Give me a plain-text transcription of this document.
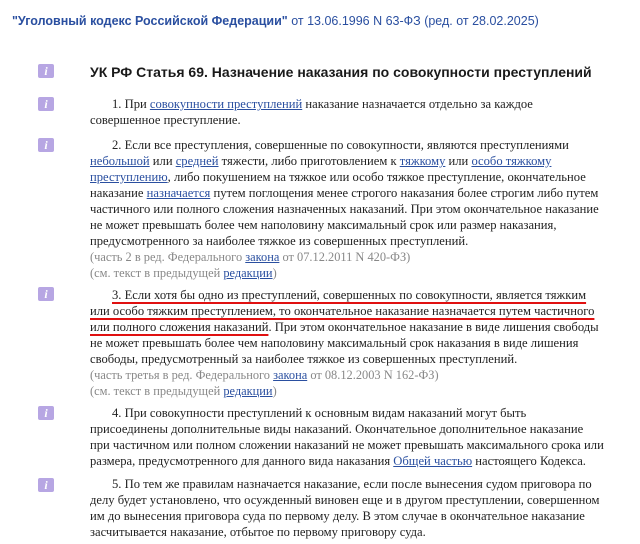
"Уголовный кодекс Российской Федерации" от 13.06.1996 N 63-ФЗ (ред. от 28.02.2025)
i	УК РФ Статья 69. Назначение наказания по совокупности преступлений
i	1. При совокупности преступлений наказание назначается отдельно за каждое
совершенное преступление.
i	2. Если все преступления, совершенные по совокупности, являются преступлениями
небольшой или средней тяжести, либо приготовлением к тяжкому или особо тяжкому
преступлению, либо покушением на тяжкое или особо тяжкое преступление, окончательное
наказание назначается путем поглощения менее строгого наказания более строгим либо путем
частичного или полного сложения назначенных наказаний. При этом окончательное наказание
не может превышать более чем наполовину максимальный срок или размер наказания,
предусмотренного за наиболее тяжкое из совершенных преступлений.
(часть 2 в ред. Федерального закона от 07.12.2011 N 420-ФЗ)
(см. текст в предыдущей редакции)
i	3. Если хотя бы одно из преступлений, совершенных по совокупности, является тяжким
или особо тяжким преступлением, то окончательное наказание назначается путем частичного
или полного сложения наказаний. При этом окончательное наказание в виде лишения свободы
не может превышать более чем наполовину максимальный срок наказания в виде лишения
свободы, предусмотренный за наиболее тяжкое из совершенных преступлений.
(часть третья в ред. Федерального закона от 08.12.2003 N 162-ФЗ)
(см. текст в предыдущей редакции)
i	4. При совокупности преступлений к основным видам наказаний могут быть
присоединены дополнительные виды наказаний. Окончательное дополнительное наказание
при частичном или полном сложении наказаний не может превышать максимального срока или
размера, предусмотренного для данного вида наказания Общей частью настоящего Кодекса.
i	5. По тем же правилам назначается наказание, если после вынесения судом приговора по
делу будет установлено, что осужденный виновен еще и в другом преступлении, совершенном
им до вынесения приговора суда по первому делу. В этом случае в окончательное наказание
засчитывается наказание, отбытое по первому приговору суда.
